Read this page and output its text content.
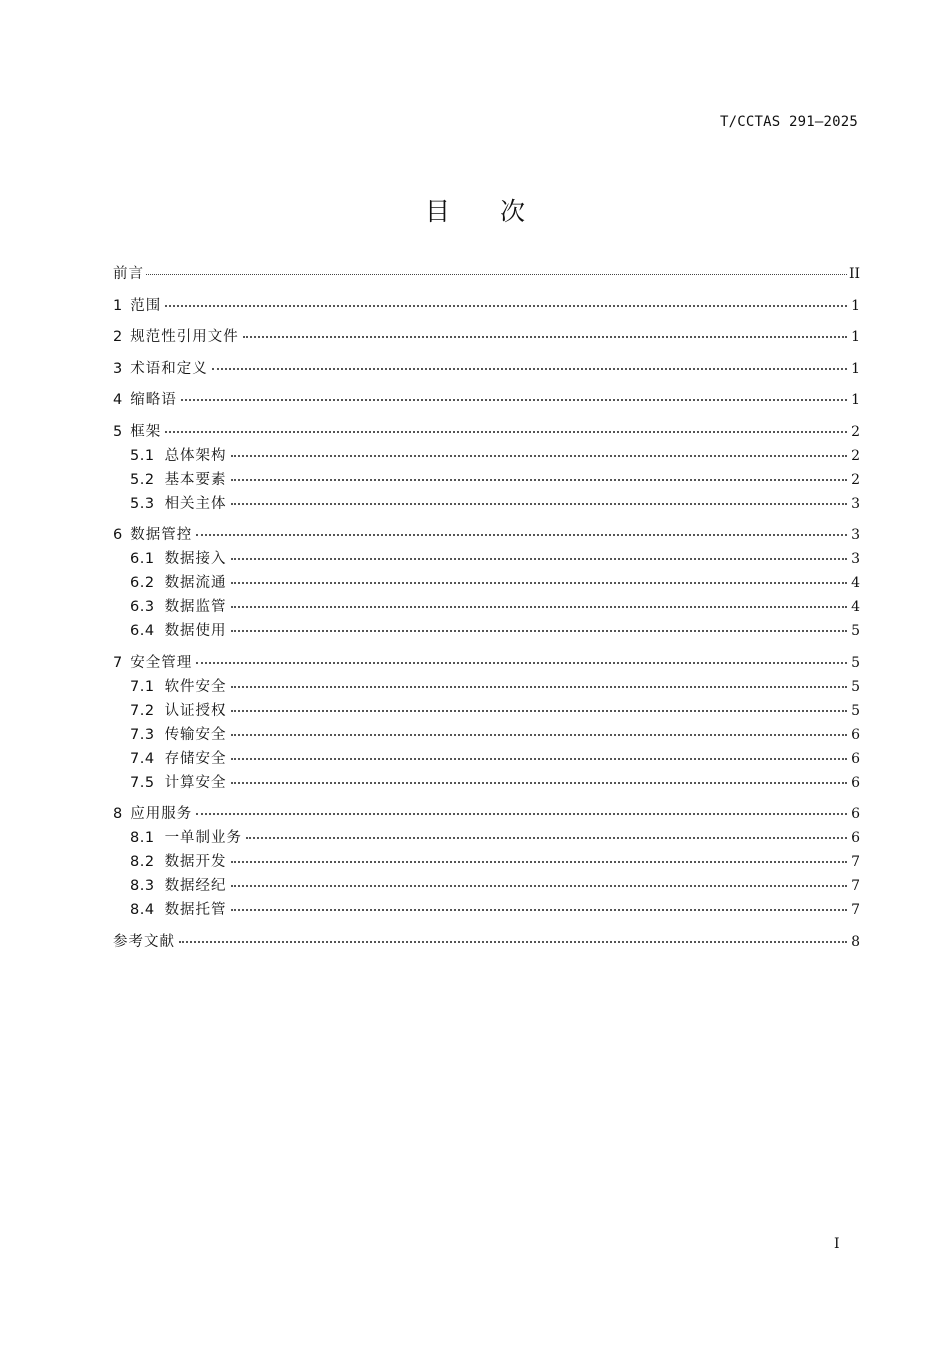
T/CCTAS 291—2025
目 次
前言	II
1 范围	1
2 规范性引用文件	1
3 术语和定义	1
4 缩略语	1
5 框架	2
5.1 总体架构	2
5.2 基本要素	2
5.3 相关主体	3
6 数据管控	3
6.1 数据接入	3
6.2 数据流通	4
6.3 数据监管	4
6.4 数据使用	5
7 安全管理	5
7.1 软件安全	5
7.2 认证授权	5
7.3 传输安全	6
7.4 存储安全	6
7.5 计算安全	6
8 应用服务	6
8.1 一单制业务	6
8.2 数据开发	7
8.3 数据经纪	7
8.4 数据托管	7
参考文献	8
I
